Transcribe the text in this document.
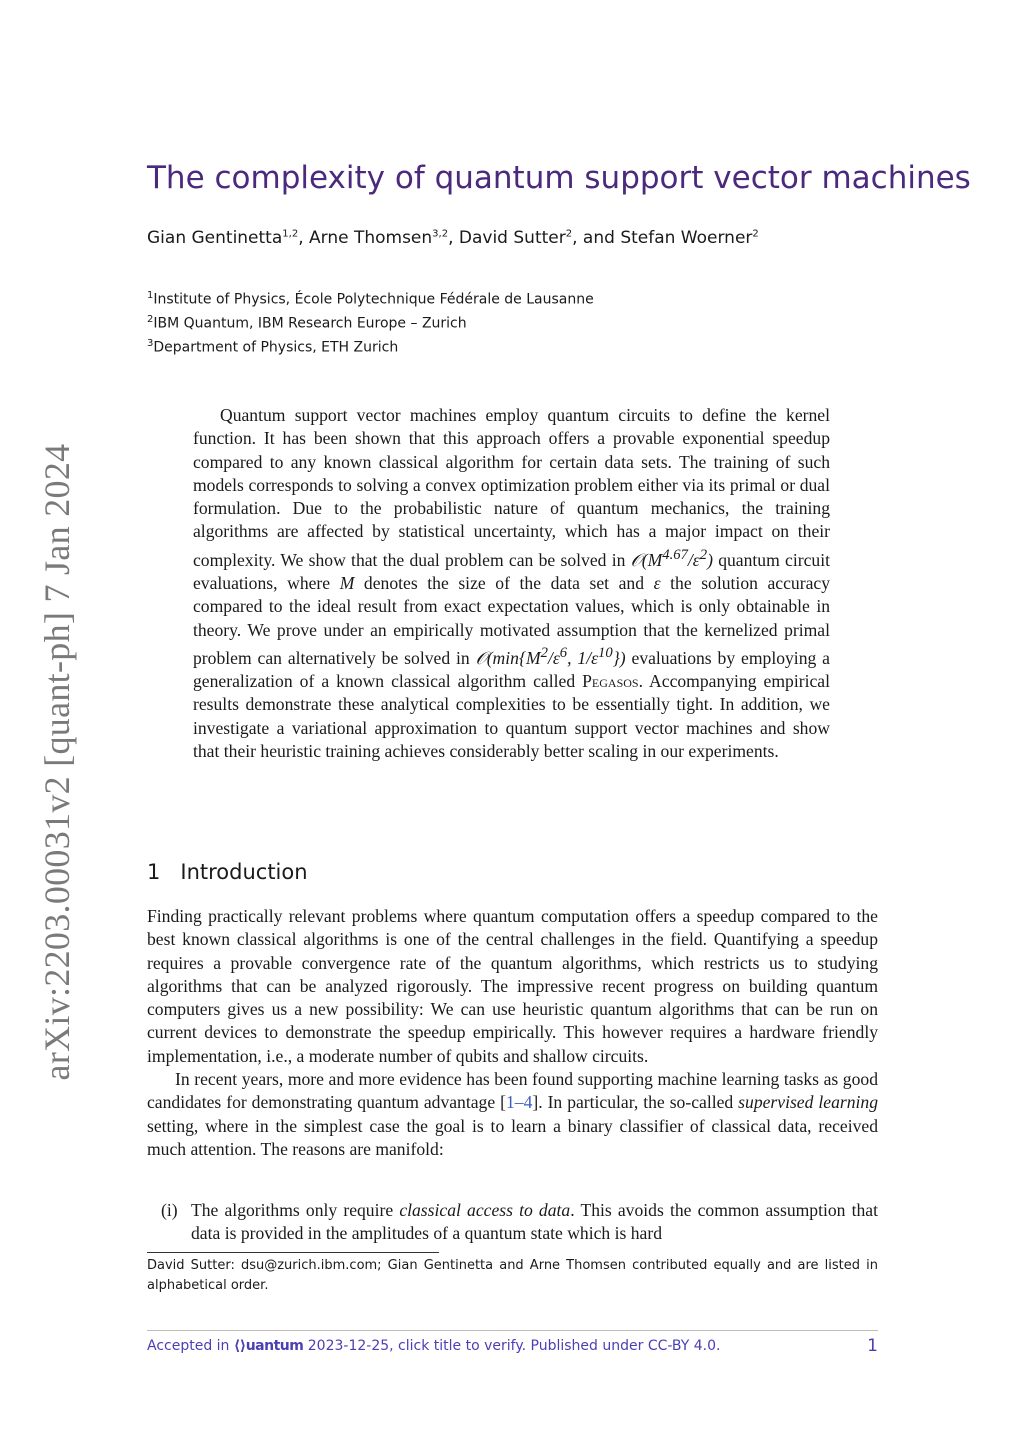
arXiv:2203.00031v2 [quant-ph] 7 Jan 2024
The complexity of quantum support vector machines
Gian Gentinetta$^{1,2}$, Arne Thomsen$^{3,2}$, David Sutter$^2$, and Stefan Woerner$^2$
$^1$Institute of Physics, École Polytechnique Fédérale de Lausanne
$^2$IBM Quantum, IBM Research Europe – Zurich
$^3$Department of Physics, ETH Zurich

Quantum support vector machines employ quantum circuits to define the kernel function. It has been shown that this approach offers a provable exponential speedup compared to any known classical algorithm for certain data sets. The training of such models corresponds to solving a convex optimization problem either via its primal or dual formulation. Due to the probabilistic nature of quantum mechanics, the training algorithms are affected by statistical uncertainty, which has a major impact on their complexity. We show that the dual problem can be solved in $𝒪(M^{4.67}/\varepsilon^2)$ quantum circuit evaluations, where M denotes the size of the data set and ε the solution accuracy compared to the ideal result from exact expectation values, which is only obtainable in theory. We prove under an empirically motivated assumption that the kernelized primal problem can alternatively be solved in $𝒪(\min\{M^2/\varepsilon^6$, $1/\varepsilon^{10}$}) evaluations by employing a generalization of a known classical algorithm called Pegasos. Accompanying empirical results demonstrate these analytical complexities to be essentially tight. In addition, we investigate a variational approximation to quantum support vector machines and show that their heuristic training achieves considerably better scaling in our experiments.

1 Introduction

Finding practically relevant problems where quantum computation offers a speedup compared to the best known classical algorithms is one of the central challenges in the field. Quantifying a speedup requires a provable convergence rate of the quantum algorithms, which restricts us to studying algorithms that can be analyzed rigorously. The impressive recent progress on building quantum computers gives us a new possibility: We can use heuristic quantum algorithms that can be run on current devices to demonstrate the speedup empirically. This however requires a hardware friendly implementation, i.e., a moderate number of qubits and shallow circuits.

In recent years, more and more evidence has been found supporting machine learning tasks as good candidates for demonstrating quantum advantage [1–4]. In particular, the so-called supervised learning setting, where in the simplest case the goal is to learn a binary classifier of classical data, received much attention. The reasons are manifold:

(i) The algorithms only require classical access to data. This avoids the common assumption that data is provided in the amplitudes of a quantum state which is hard
David Sutter: dsu@zurich.ibm.com; Gian Gentinetta and Arne Thomsen contributed equally and are listed in alphabetical order.
Accepted in ⟨⟩uantum 2023-12-25, click title to verify. Published under CC-BY 4.0.	1
